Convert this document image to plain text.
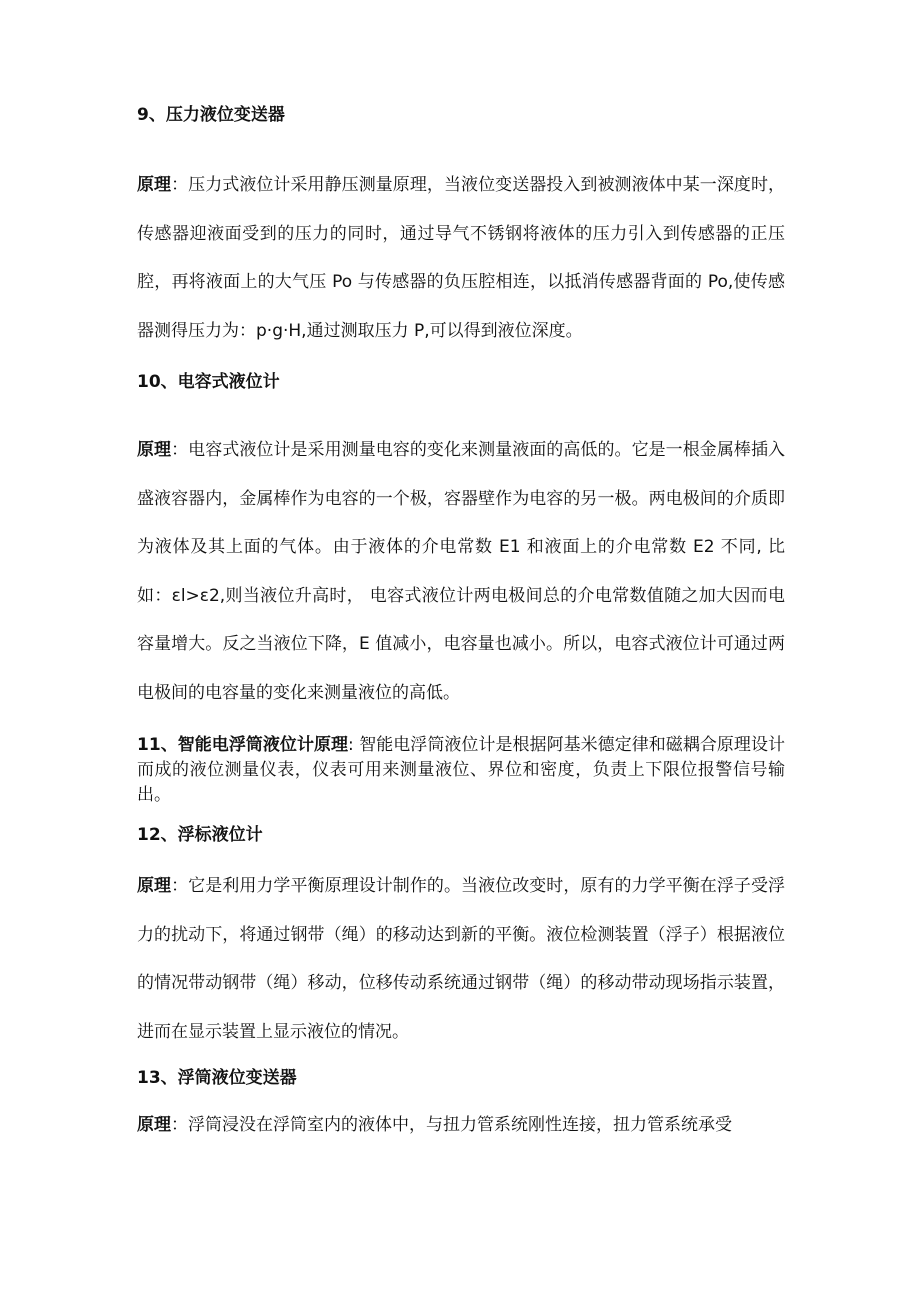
9、压力液位变送器

原理：压力式液位计采用静压测量原理，当液位变送器投入到被测液体中某一深度时，传感器迎液面受到的压力的同时，通过导气不锈钢将液体的压力引入到传感器的正压腔，再将液面上的大气压 Po 与传感器的负压腔相连，以抵消传感器背面的 Po,使传感器测得压力为：p·g·H,通过测取压力 P,可以得到液位深度。

10、电容式液位计

原理：电容式液位计是采用测量电容的变化来测量液面的高低的。它是一根金属棒插入盛液容器内，金属棒作为电容的一个极，容器壁作为电容的另一极。两电极间的介质即为液体及其上面的气体。由于液体的介电常数 E1 和液面上的介电常数 E2 不同, 比如：εl>ε2,则当液位升高时， 电容式液位计两电极间总的介电常数值随之加大因而电容量增大。反之当液位下降，E 值减小，电容量也减小。所以，电容式液位计可通过两电极间的电容量的变化来测量液位的高低。

11、智能电浮筒液位计原理: 智能电浮筒液位计是根据阿基米德定律和磁耦合原理设计而成的液位测量仪表，仪表可用来测量液位、界位和密度，负责上下限位报警信号输出。

12、浮标液位计

原理：它是利用力学平衡原理设计制作的。当液位改变时，原有的力学平衡在浮子受浮力的扰动下，将通过钢带（绳）的移动达到新的平衡。液位检测装置（浮子）根据液位的情况带动钢带（绳）移动，位移传动系统通过钢带（绳）的移动带动现场指示装置，进而在显示装置上显示液位的情况。

13、浮筒液位变送器

原理：浮筒浸没在浮筒室内的液体中，与扭力管系统刚性连接，扭力管系统承受
